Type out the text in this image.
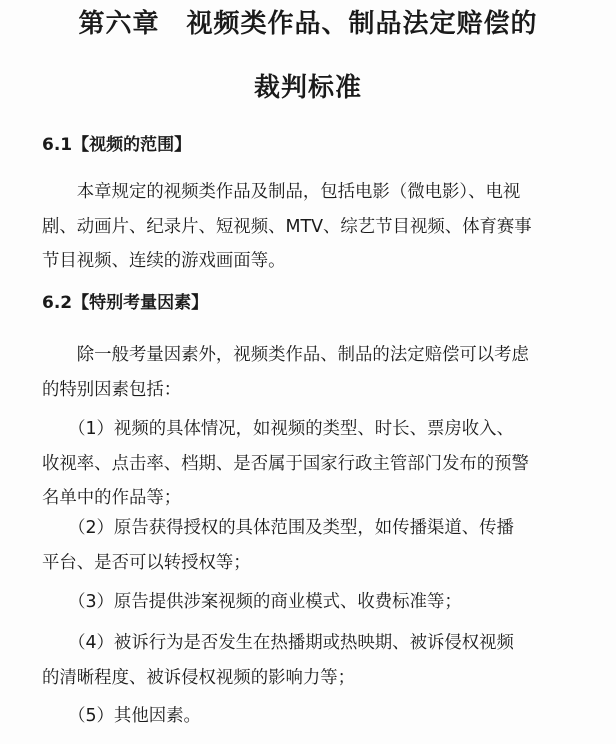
第六章　视频类作品、制品法定赔偿的
裁判标准
6.1【视频的范围】
　　本章规定的视频类作品及制品，包括电影（微电影）、电视
剧、动画片、纪录片、短视频、MTV、综艺节目视频、体育赛事
节目视频、连续的游戏画面等。
6.2【特别考量因素】
　　除一般考量因素外，视频类作品、制品的法定赔偿可以考虑
的特别因素包括：
　　（1）视频的具体情况，如视频的类型、时长、票房收入、
收视率、点击率、档期、是否属于国家行政主管部门发布的预警
名单中的作品等；
　　（2）原告获得授权的具体范围及类型，如传播渠道、传播
平台、是否可以转授权等；
　　（3）原告提供涉案视频的商业模式、收费标准等；
　　（4）被诉行为是否发生在热播期或热映期、被诉侵权视频
的清晰程度、被诉侵权视频的影响力等；
　　（5）其他因素。
